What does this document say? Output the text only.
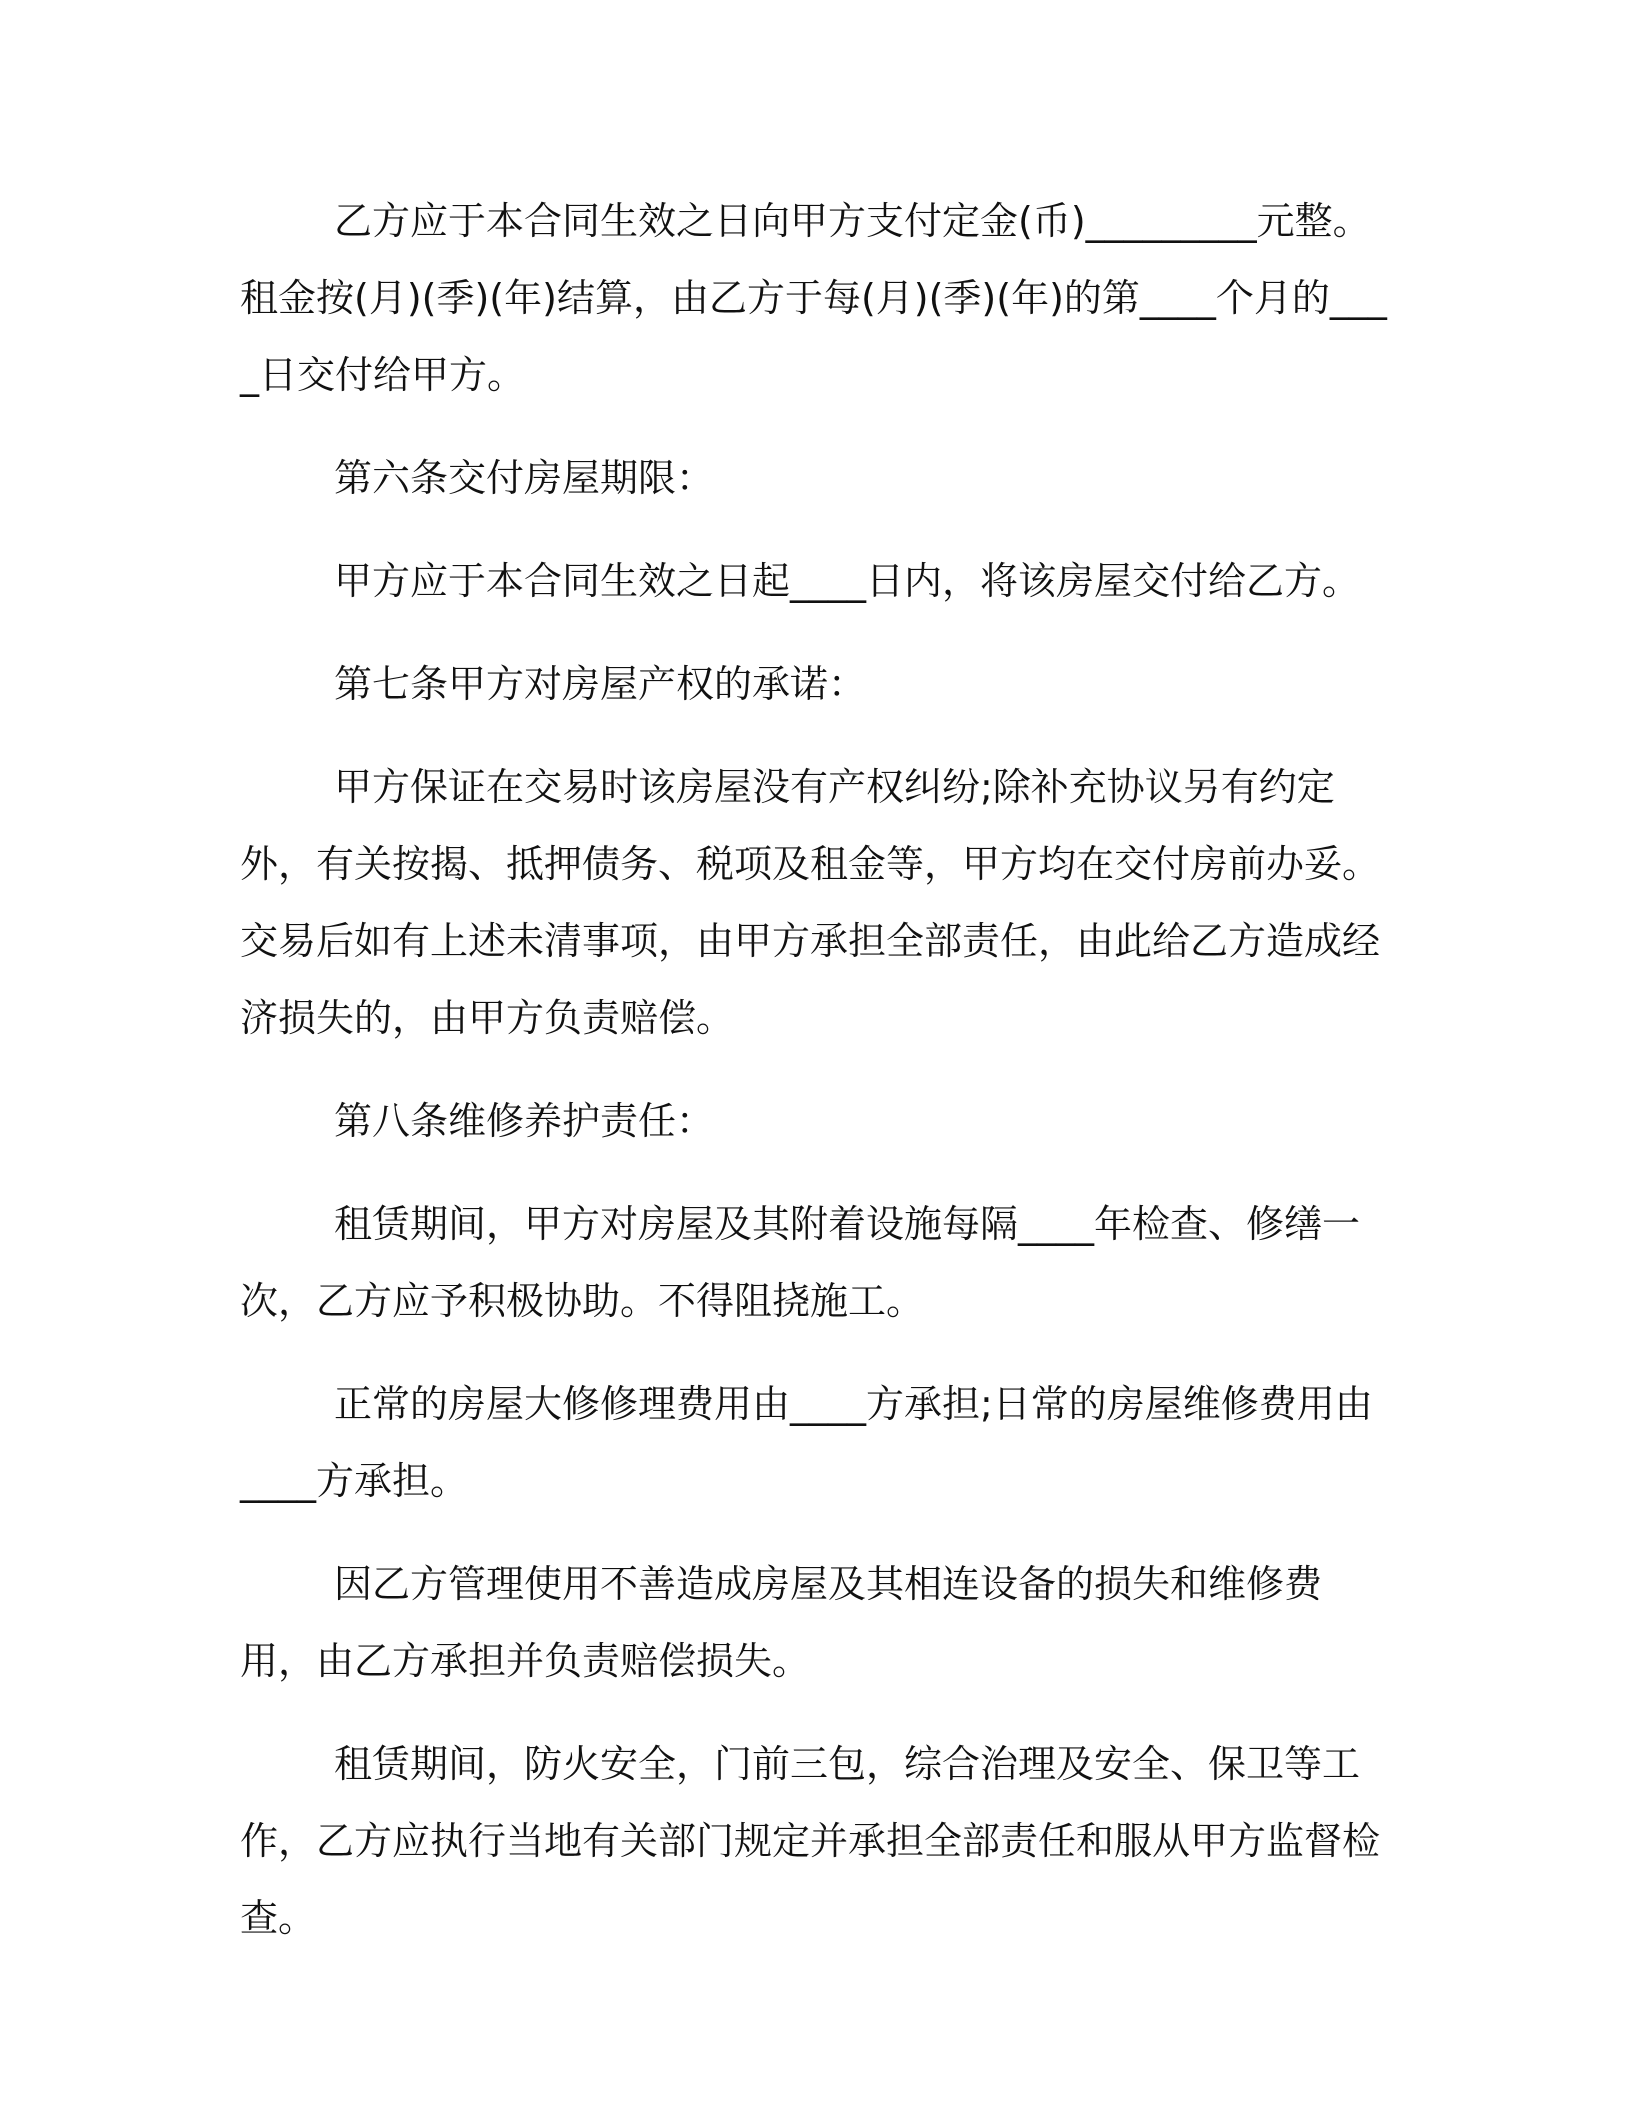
乙方应于本合同生效之日向甲方支付定金(币)_________元整。租金按(月)(季)(年)结算，由乙方于每(月)(季)(年)的第____个月的____日交付给甲方。

第六条交付房屋期限：

甲方应于本合同生效之日起____日内，将该房屋交付给乙方。

第七条甲方对房屋产权的承诺：

甲方保证在交易时该房屋没有产权纠纷;除补充协议另有约定外，有关按揭、抵押债务、税项及租金等，甲方均在交付房前办妥。交易后如有上述未清事项，由甲方承担全部责任，由此给乙方造成经济损失的，由甲方负责赔偿。

第八条维修养护责任：

租赁期间，甲方对房屋及其附着设施每隔____年检查、修缮一次，乙方应予积极协助。不得阻挠施工。

正常的房屋大修修理费用由____方承担;日常的房屋维修费用由____方承担。

因乙方管理使用不善造成房屋及其相连设备的损失和维修费用，由乙方承担并负责赔偿损失。

租赁期间，防火安全，门前三包，综合治理及安全、保卫等工作，乙方应执行当地有关部门规定并承担全部责任和服从甲方监督检查。
